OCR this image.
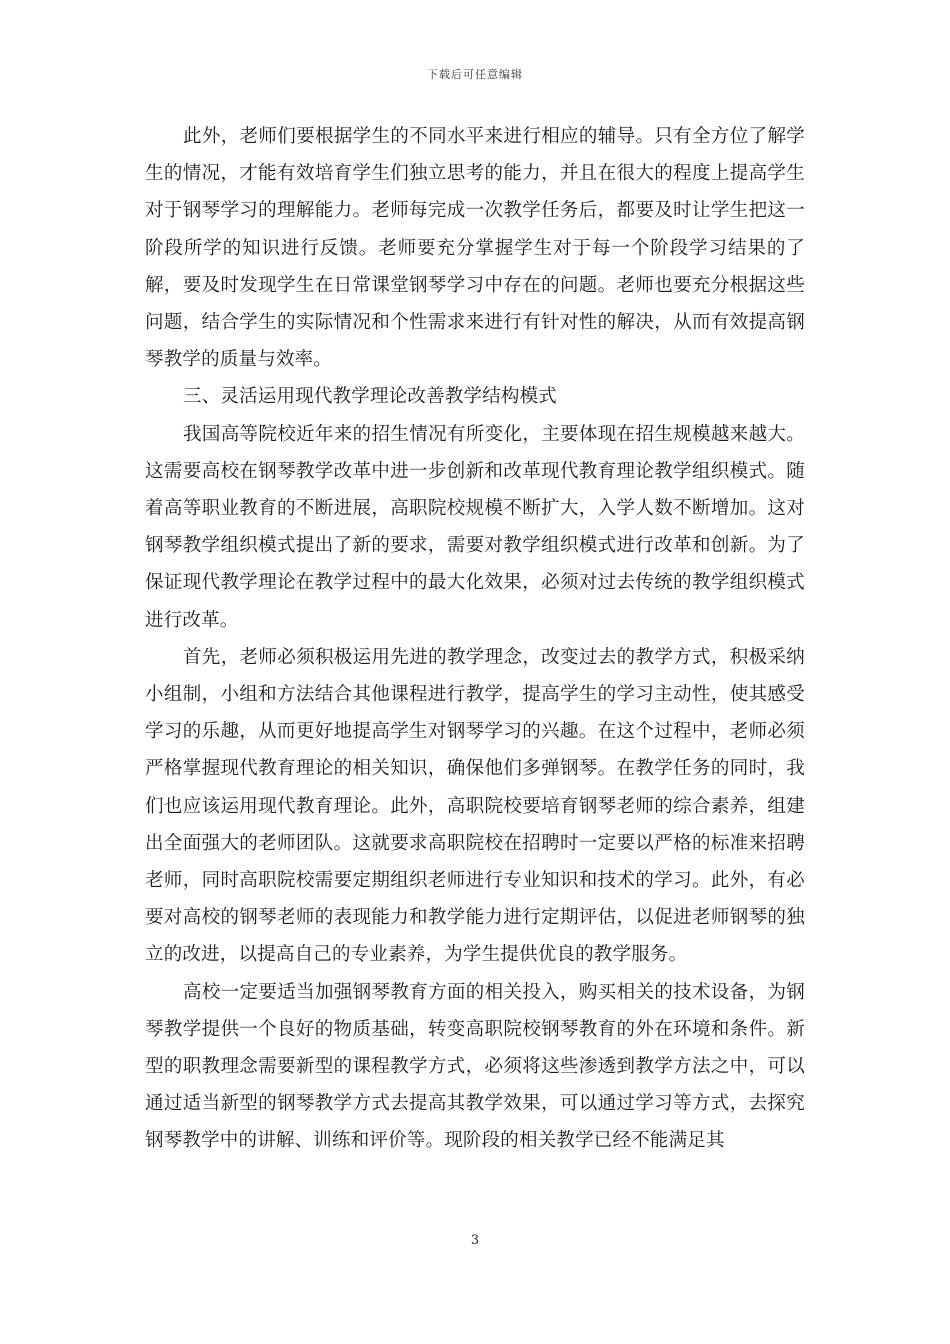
下载后可任意编辑

此外，老师们要根据学生的不同水平来进行相应的辅导。只有全方位了解学生的情况，才能有效培育学生们独立思考的能力，并且在很大的程度上提高学生对于钢琴学习的理解能力。老师每完成一次教学任务后，都要及时让学生把这一阶段所学的知识进行反馈。老师要充分掌握学生对于每一个阶段学习结果的了解，要及时发现学生在日常课堂钢琴学习中存在的问题。老师也要充分根据这些问题，结合学生的实际情况和个性需求来进行有针对性的解决，从而有效提高钢琴教学的质量与效率。

三、灵活运用现代教学理论改善教学结构模式

我国高等院校近年来的招生情况有所变化，主要体现在招生规模越来越大。这需要高校在钢琴教学改革中进一步创新和改革现代教育理论教学组织模式。随着高等职业教育的不断进展，高职院校规模不断扩大，入学人数不断增加。这对钢琴教学组织模式提出了新的要求，需要对教学组织模式进行改革和创新。为了保证现代教学理论在教学过程中的最大化效果，必须对过去传统的教学组织模式进行改革。

首先，老师必须积极运用先进的教学理念，改变过去的教学方式，积极采纳小组制，小组和方法结合其他课程进行教学，提高学生的学习主动性，使其感受学习的乐趣，从而更好地提高学生对钢琴学习的兴趣。在这个过程中，老师必须严格掌握现代教育理论的相关知识，确保他们多弹钢琴。在教学任务的同时，我们也应该运用现代教育理论。此外，高职院校要培育钢琴老师的综合素养，组建出全面强大的老师团队。这就要求高职院校在招聘时一定要以严格的标准来招聘老师，同时高职院校需要定期组织老师进行专业知识和技术的学习。此外，有必要对高校的钢琴老师的表现能力和教学能力进行定期评估，以促进老师钢琴的独立的改进，以提高自己的专业素养，为学生提供优良的教学服务。

高校一定要适当加强钢琴教育方面的相关投入，购买相关的技术设备，为钢琴教学提供一个良好的物质基础，转变高职院校钢琴教育的外在环境和条件。新型的职教理念需要新型的课程教学方式，必须将这些渗透到教学方法之中，可以通过适当新型的钢琴教学方式去提高其教学效果，可以通过学习等方式，去探究钢琴教学中的讲解、训练和评价等。现阶段的相关教学已经不能满足其

3
